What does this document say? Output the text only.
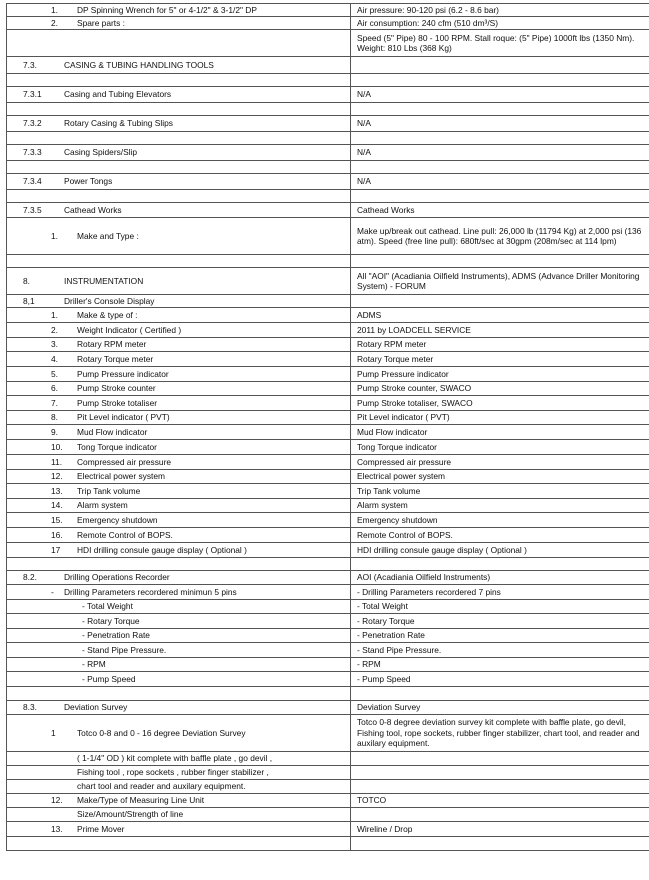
1. DP Spinning Wrench for 5" or 4-1/2" & 3-1/2" DP	Air pressure: 90-120 psi (6.2 - 8.6 bar)
2. Spare parts :	Air consumption: 240 cfm (510 dm³/S)
	Speed (5" Pipe) 80 - 100 RPM. Stall roque: (5" Pipe) 1000ft lbs (1350 Nm). Weight: 810 Lbs (368 Kg)
7.3. CASING & TUBING HANDLING TOOLS	

7.3.1 Casing and Tubing Elevators	N/A

7.3.2 Rotary Casing & Tubing Slips	N/A

7.3.3 Casing Spiders/Slip	N/A

7.3.4 Power Tongs	N/A

7.3.5 Cathead Works	Cathead Works
1. Make and Type :	Make up/break out cathead. Line pull: 26,000 lb (11794 Kg) at 2,000 psi (136 atm). Speed (free line pull): 680ft/sec at 30gpm (208m/sec at 114 lpm)

8. INSTRUMENTATION	All "AOI" (Acadiania Oilfield Instruments), ADMS (Advance Driller Monitoring System) - FORUM
8,1 Driller's Console Display	
1. Make & type of :	ADMS
2. Weight Indicator ( Certified )	2011 by LOADCELL SERVICE
3. Rotary RPM meter	Rotary RPM meter
4. Rotary Torque meter	Rotary Torque meter
5. Pump Pressure indicator	Pump Pressure indicator
6. Pump Stroke counter	Pump Stroke counter, SWACO
7. Pump Stroke totaliser	Pump Stroke totaliser, SWACO
8. Pit Level indicator ( PVT)	Pit Level indicator ( PVT)
9. Mud Flow indicator	Mud Flow indicator
10. Tong Torque indicator	Tong Torque indicator
11. Compressed air pressure	Compressed air pressure
12. Electrical power system	Electrical power system
13. Trip Tank volume	Trip Tank volume
14. Alarm system	Alarm system
15. Emergency shutdown	Emergency shutdown
16. Remote Control of BOPS.	Remote Control of BOPS.
17 HDI drilling consule gauge display ( Optional )	HDI drilling consule gauge display ( Optional )

8.2. Drilling Operations Recorder	AOI (Acadiania Oilfield Instruments)
- Drilling Parameters recordered minimun 5 pins	- Drilling Parameters recordered 7 pins
- Total Weight	- Total Weight
- Rotary Torque	- Rotary Torque
- Penetration Rate	- Penetration Rate
- Stand Pipe Pressure.	- Stand Pipe Pressure.
- RPM	- RPM
- Pump Speed	- Pump Speed

8.3. Deviation Survey	Deviation Survey
1 Totco 0-8 and 0 - 16 degree Deviation Survey	Totco 0-8 degree deviation survey kit complete with baffle plate, go devil, Fishing tool, rope sockets, rubber finger stabilizer, chart tool, and reader and auxilary equipment.
( 1-1/4" OD ) kit complete with baffle plate , go devil ,	
Fishing tool , rope sockets , rubber finger stabilizer ,	
chart tool and reader and auxilary equipment.	
12. Make/Type of Measuring Line Unit	TOTCO
Size/Amount/Strength of line	
13. Prime Mover	Wireline / Drop
